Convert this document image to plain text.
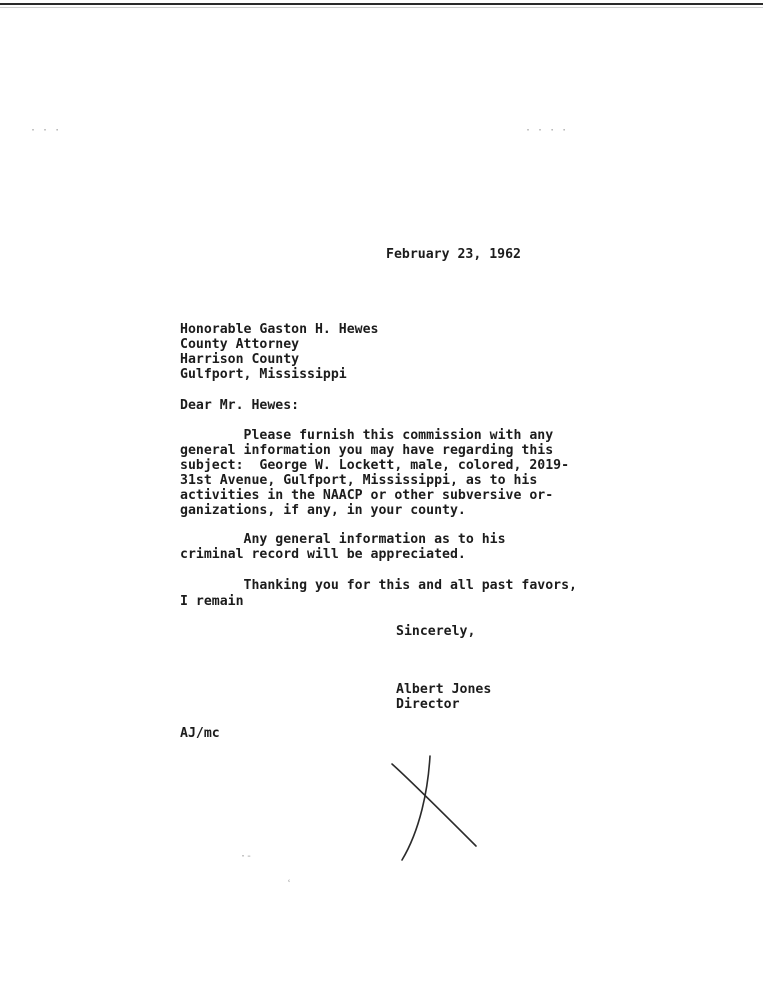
· · ·	· · · ·
·-
ʿ
February 23, 1962
Honorable Gaston H. Hewes
County Attorney
Harrison County
Gulfport, Mississippi
Dear Mr. Hewes:
Please furnish this commission with any
general information you may have regarding this
subject:  George W. Lockett, male, colored, 2019-
31st Avenue, Gulfport, Mississippi, as to his
activities in the NAACP or other subversive or-
ganizations, if any, in your county.
Any general information as to his
criminal record will be appreciated.
Thanking you for this and all past favors,
I remain
Sincerely,
Albert Jones
Director
AJ/mc
